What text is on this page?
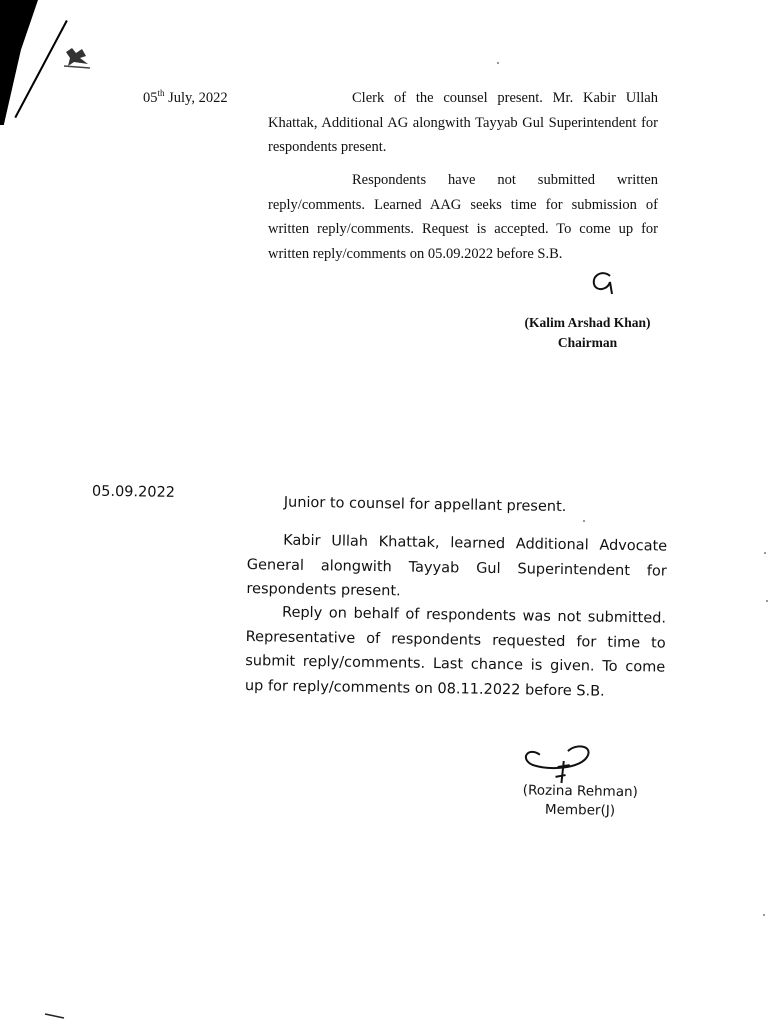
05th July, 2022	Clerk of the counsel present. Mr. Kabir Ullah Khattak, Additional AG alongwith Tayyab Gul Superintendent for respondents present.

Respondents have not submitted written reply/comments. Learned AAG seeks time for submission of written reply/comments. Request is accepted. To come up for written reply/comments on 05.09.2022 before S.B.

(Kalim Arshad Khan)
Chairman
05.09.2022

Junior to counsel for appellant present.

Kabir Ullah Khattak, learned Additional Advocate General alongwith Tayyab Gul Superintendent for respondents present.

Reply on behalf of respondents was not submitted. Representative of respondents requested for time to submit reply/comments. Last chance is given. To come up for reply/comments on 08.11.2022 before S.B.

(Rozina Rehman)
Member(J)
